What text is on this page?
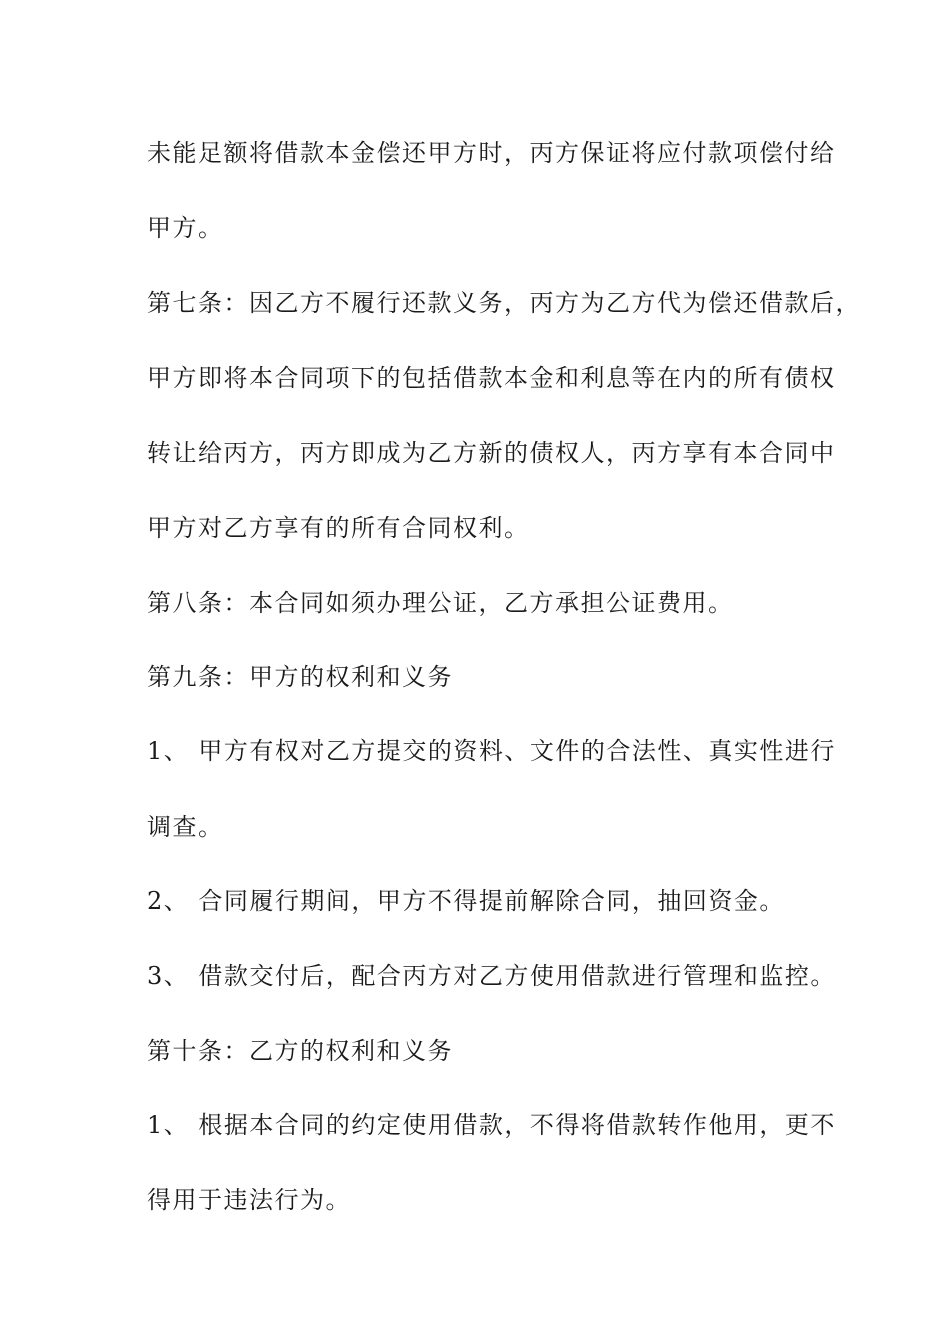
未能足额将借款本金偿还甲方时，丙方保证将应付款项偿付给
甲方。
第七条：因乙方不履行还款义务，丙方为乙方代为偿还借款后，
甲方即将本合同项下的包括借款本金和利息等在内的所有债权
转让给丙方，丙方即成为乙方新的债权人，丙方享有本合同中
甲方对乙方享有的所有合同权利。
第八条：本合同如须办理公证，乙方承担公证费用。
第九条：甲方的权利和义务
1、 甲方有权对乙方提交的资料、文件的合法性、真实性进行
调查。
2、 合同履行期间，甲方不得提前解除合同，抽回资金。
3、 借款交付后，配合丙方对乙方使用借款进行管理和监控。
第十条：乙方的权利和义务
1、 根据本合同的约定使用借款，不得将借款转作他用，更不
得用于违法行为。
